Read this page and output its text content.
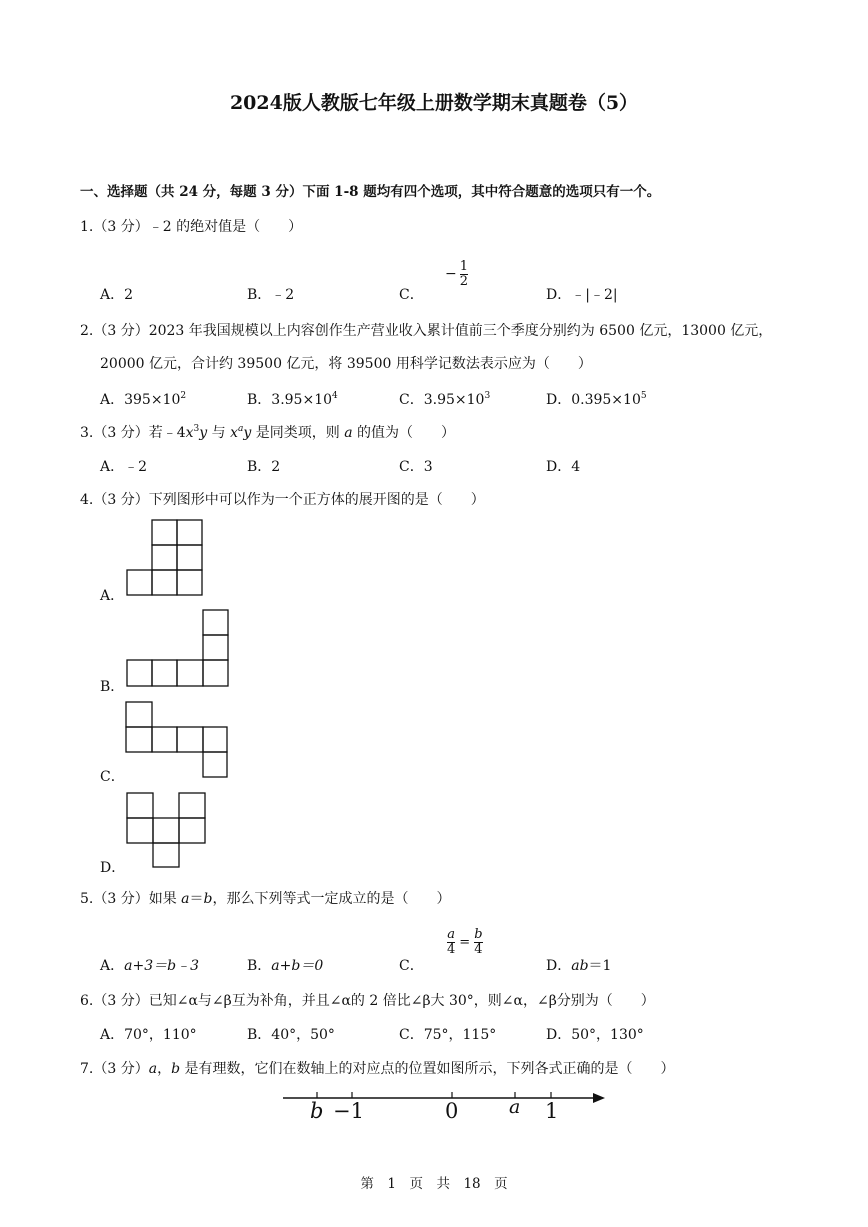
2024版人教版七年级上册数学期末真题卷（5）
一、选择题（共 24 分，每题 3 分）下面 1-8 题均有四个选项，其中符合题意的选项只有一个。
1.（3 分）﹣2 的绝对值是（　　）
A．2	B．﹣2	C．
− $\frac{1}{2}$
D．﹣|﹣2|
2.（3 分）2023 年我国规模以上内容创作生产营业收入累计值前三个季度分别约为 6500 亿元，13000 亿元，
20000 亿元，合计约 39500 亿元，将 39500 用科学记数法表示应为（　　）
A．$395\times 10^2$	B．$3.95\times 10^4$	C．$3.95\times 10^3$	D．$0.395\times 10^5$
3.（3 分）若$﹣4x^3y$ 与 $x^ay$ 是同类项，则 a 的值为（　　）
A．﹣2	B．2	C．3	D．4
4.（3 分）下列图形中可以作为一个正方体的展开图的是（　　）
A．
B．
C．
D．
5.（3 分）如果 a＝b，那么下列等式一定成立的是（　　）
A．a+3＝b﹣3	B．a+b＝0	C．
$\frac{a}{4} = \frac{b}{4}$
D．ab＝1
6.（3 分）已知∠α与∠β互为补角，并且∠α的 2 倍比∠β大 30°，则∠α，∠β分别为（　　）
A．70°，110°	B．40°，50°	C．75°，115°	D．50°，130°
7.（3 分）a，b 是有理数，它们在数轴上的对应点的位置如图所示，下列各式正确的是（　　）
b −1	0	a 1
第　1　页　共　18　页
